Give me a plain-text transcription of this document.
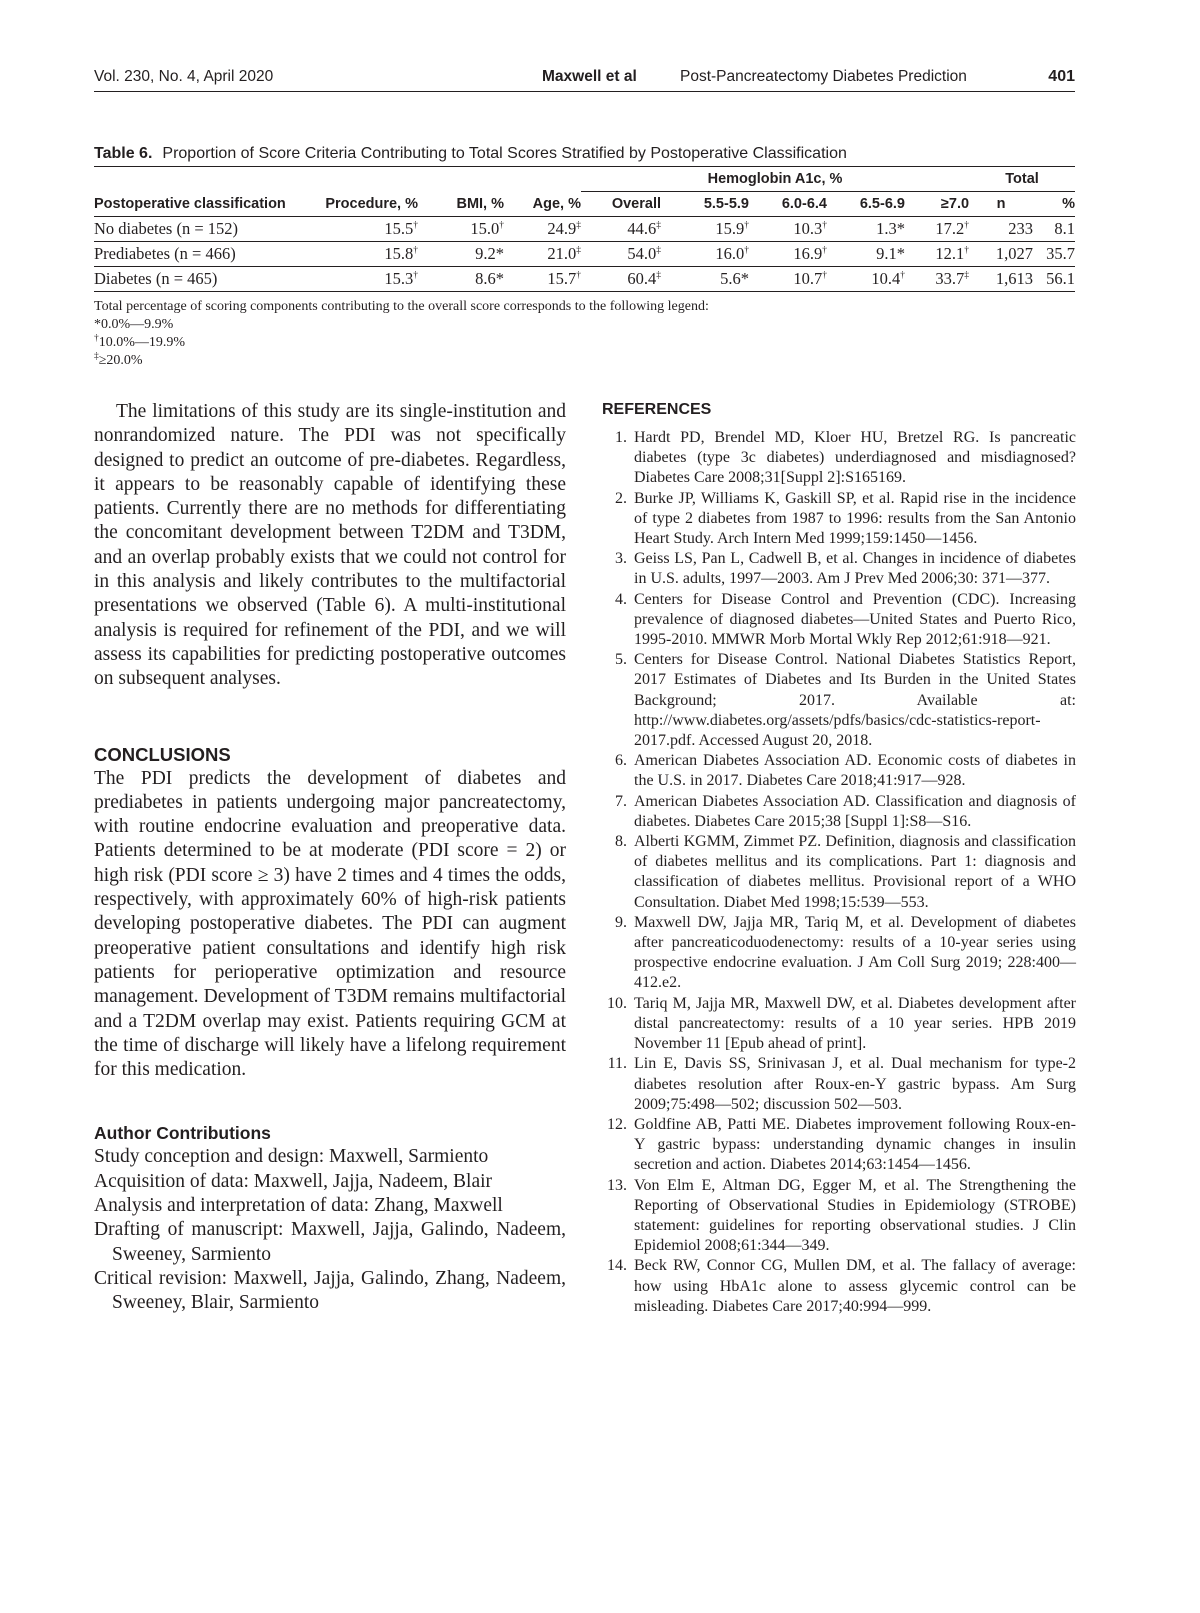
Vol. 230, No. 4, April 2020	Maxwell et al	Post-Pancreatectomy Diabetes Prediction	401
Table 6. Proportion of Score Criteria Contributing to Total Scores Stratified by Postoperative Classification
				Hemoglobin A1c, %					Total	
Postoperative classification	Procedure, %	BMI, %	Age, %	Overall	5.5-5.9	6.0-6.4	6.5-6.9	≥7.0	n	%
No diabetes (n = 152)	15.5†	15.0†	24.9‡	44.6‡	15.9†	10.3†	1.3*	17.2†	233	8.1
Prediabetes (n = 466)	15.8†	9.2*	21.0‡	54.0‡	16.0†	16.9†	9.1*	12.1†	1,027	35.7
Diabetes (n = 465)	15.3†	8.6*	15.7†	60.4‡	5.6*	10.7†	10.4†	33.7‡	1,613	56.1
Total percentage of scoring components contributing to the overall score corresponds to the following legend:
*0.0%—9.9%
†10.0%—19.9%
‡≥20.0%

The limitations of this study are its single-institution and nonrandomized nature. The PDI was not specifically designed to predict an outcome of pre-diabetes. Regardless, it appears to be reasonably capable of identifying these patients. Currently there are no methods for differentiating the concomitant development between T2DM and T3DM, and an overlap probably exists that we could not control for in this analysis and likely contributes to the multifactorial presentations we observed (Table 6). A multi-institutional analysis is required for refinement of the PDI, and we will assess its capabilities for predicting postoperative outcomes on subsequent analyses.

CONCLUSIONS

The PDI predicts the development of diabetes and prediabetes in patients undergoing major pancreatectomy, with routine endocrine evaluation and preoperative data. Patients determined to be at moderate (PDI score = 2) or high risk (PDI score ≥ 3) have 2 times and 4 times the odds, respectively, with approximately 60% of high-risk patients developing postoperative diabetes. The PDI can augment preoperative patient consultations and identify high risk patients for perioperative optimization and resource management. Development of T3DM remains multifactorial and a T2DM overlap may exist. Patients requiring GCM at the time of discharge will likely have a lifelong requirement for this medication.

Author Contributions

Study conception and design: Maxwell, Sarmiento

Acquisition of data: Maxwell, Jajja, Nadeem, Blair

Analysis and interpretation of data: Zhang, Maxwell

Drafting of manuscript: Maxwell, Jajja, Galindo, Nadeem, Sweeney, Sarmiento

Critical revision: Maxwell, Jajja, Galindo, Zhang, Nadeem, Sweeney, Blair, Sarmiento

REFERENCES
1. Hardt PD, Brendel MD, Kloer HU, Bretzel RG. Is pancreatic diabetes (type 3c diabetes) underdiagnosed and misdiagnosed? Diabetes Care 2008;31[Suppl 2]:S165169.
2. Burke JP, Williams K, Gaskill SP, et al. Rapid rise in the incidence of type 2 diabetes from 1987 to 1996: results from the San Antonio Heart Study. Arch Intern Med 1999;159:1450—1456.
3. Geiss LS, Pan L, Cadwell B, et al. Changes in incidence of diabetes in U.S. adults, 1997—2003. Am J Prev Med 2006;30: 371—377.
4. Centers for Disease Control and Prevention (CDC). Increasing prevalence of diagnosed diabetes—United States and Puerto Rico, 1995-2010. MMWR Morb Mortal Wkly Rep 2012;61:918—921.
5. Centers for Disease Control. National Diabetes Statistics Report, 2017 Estimates of Diabetes and Its Burden in the United States Background; 2017. Available at: http://www.diabetes.org/assets/pdfs/basics/cdc-statistics-report-2017.pdf. Accessed August 20, 2018.
6. American Diabetes Association AD. Economic costs of diabetes in the U.S. in 2017. Diabetes Care 2018;41:917—928.
7. American Diabetes Association AD. Classification and diagnosis of diabetes. Diabetes Care 2015;38 [Suppl 1]:S8—S16.
8. Alberti KGMM, Zimmet PZ. Definition, diagnosis and classification of diabetes mellitus and its complications. Part 1: diagnosis and classification of diabetes mellitus. Provisional report of a WHO Consultation. Diabet Med 1998;15:539—553.
9. Maxwell DW, Jajja MR, Tariq M, et al. Development of diabetes after pancreaticoduodenectomy: results of a 10-year series using prospective endocrine evaluation. J Am Coll Surg 2019; 228:400—412.e2.
10. Tariq M, Jajja MR, Maxwell DW, et al. Diabetes development after distal pancreatectomy: results of a 10 year series. HPB 2019 November 11 [Epub ahead of print].
11. Lin E, Davis SS, Srinivasan J, et al. Dual mechanism for type-2 diabetes resolution after Roux-en-Y gastric bypass. Am Surg 2009;75:498—502; discussion 502—503.
12. Goldfine AB, Patti ME. Diabetes improvement following Roux-en-Y gastric bypass: understanding dynamic changes in insulin secretion and action. Diabetes 2014;63:1454—1456.
13. Von Elm E, Altman DG, Egger M, et al. The Strengthening the Reporting of Observational Studies in Epidemiology (STROBE) statement: guidelines for reporting observational studies. J Clin Epidemiol 2008;61:344—349.
14. Beck RW, Connor CG, Mullen DM, et al. The fallacy of average: how using HbA1c alone to assess glycemic control can be misleading. Diabetes Care 2017;40:994—999.
